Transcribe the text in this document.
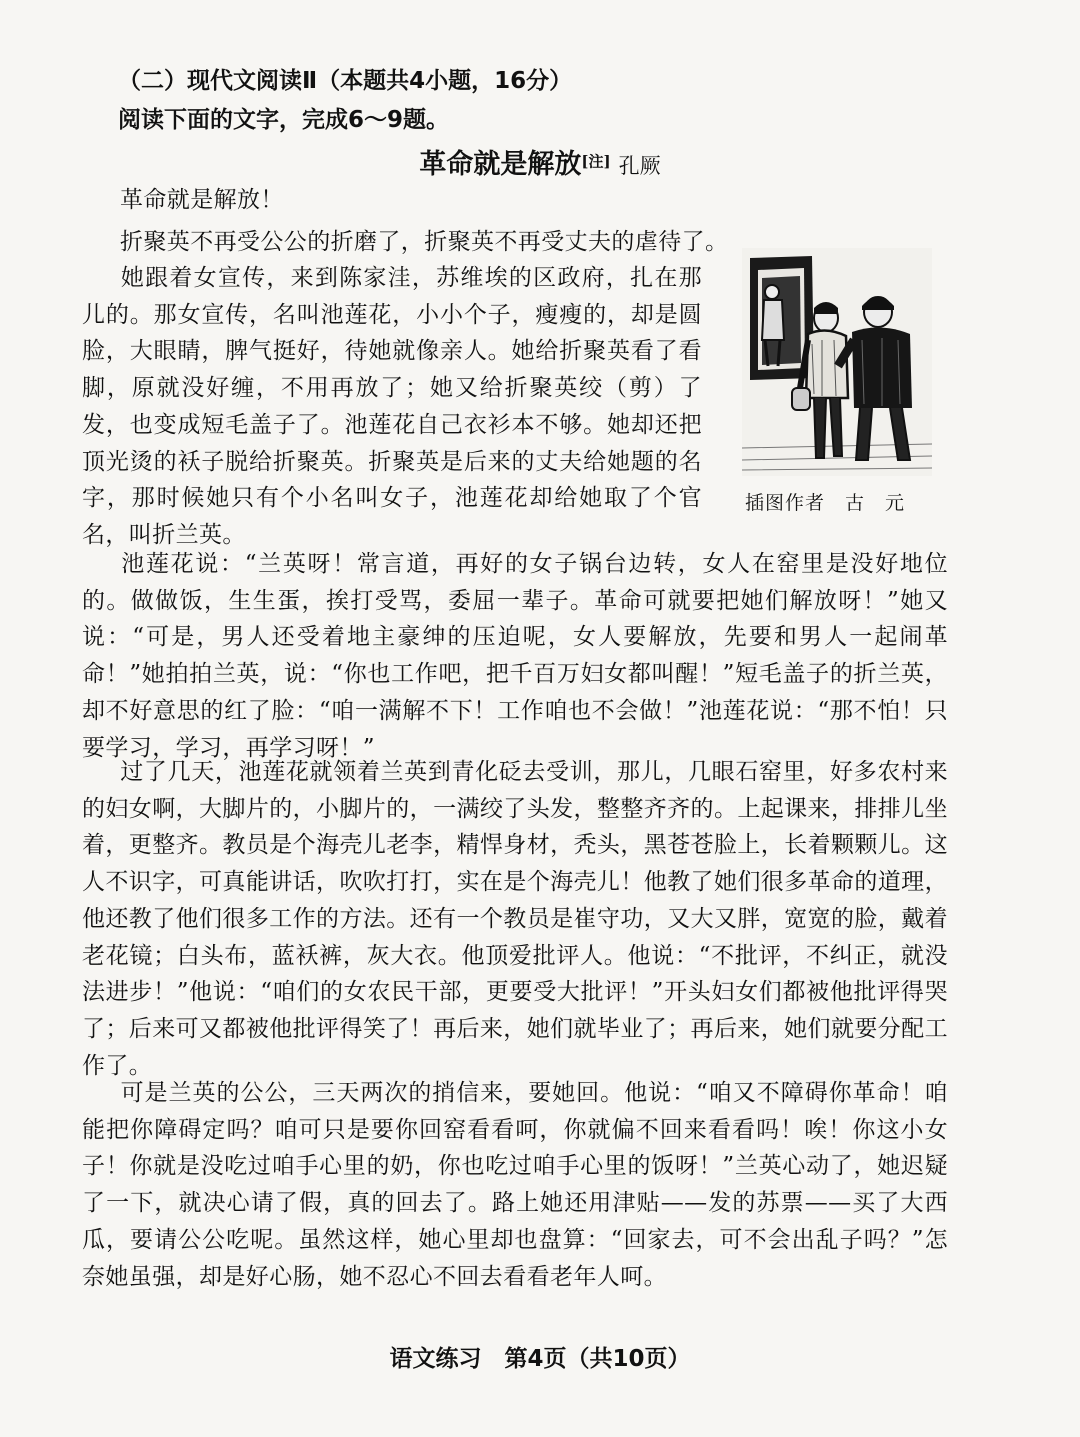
（二）现代文阅读Ⅱ（本题共4小题，16分）
阅读下面的文字，完成6～9题。
革命就是解放[注] 孔厥
革命就是解放！
折聚英不再受公公的折磨了，折聚英不再受丈夫的虐待了。
她跟着女宣传，来到陈家洼，苏维埃的区政府，扎在那儿的。那女宣传，名叫池莲花，小小个子，瘦瘦的，却是圆脸，大眼睛，脾气挺好，待她就像亲人。她给折聚英看了看脚，原就没好缠，不用再放了；她又给折聚英绞（剪）了发，也变成短毛盖子了。池莲花自己衣衫本不够。她却还把顶光烫的袄子脱给折聚英。折聚英是后来的丈夫给她题的名字，那时候她只有个小名叫女子，池莲花却给她取了个官名，叫折兰英。
插图作者　古　元
池莲花说：“兰英呀！常言道，再好的女子锅台边转，女人在窑里是没好地位的。做做饭，生生蛋，挨打受骂，委屈一辈子。革命可就要把她们解放呀！”她又说：“可是，男人还受着地主豪绅的压迫呢，女人要解放，先要和男人一起闹革命！”她拍拍兰英，说：“你也工作吧，把千百万妇女都叫醒！”短毛盖子的折兰英，却不好意思的红了脸：“咱一满解不下！工作咱也不会做！”池莲花说：“那不怕！只要学习，学习，再学习呀！”
过了几天，池莲花就领着兰英到青化砭去受训，那儿，几眼石窑里，好多农村来的妇女啊，大脚片的，小脚片的，一满绞了头发，整整齐齐的。上起课来，排排儿坐着，更整齐。教员是个海壳儿老李，精悍身材，秃头，黑苍苍脸上，长着颗颗儿。这人不识字，可真能讲话，吹吹打打，实在是个海壳儿！他教了她们很多革命的道理，他还教了他们很多工作的方法。还有一个教员是崔守功，又大又胖，宽宽的脸，戴着老花镜；白头布，蓝袄裤，灰大衣。他顶爱批评人。他说：“不批评，不纠正，就没法进步！”他说：“咱们的女农民干部，更要受大批评！”开头妇女们都被他批评得哭了；后来可又都被他批评得笑了！再后来，她们就毕业了；再后来，她们就要分配工作了。
可是兰英的公公，三天两次的捎信来，要她回。他说：“咱又不障碍你革命！咱能把你障碍定吗？咱可只是要你回窑看看呵，你就偏不回来看看吗！唉！你这小女子！你就是没吃过咱手心里的奶，你也吃过咱手心里的饭呀！”兰英心动了，她迟疑了一下，就决心请了假，真的回去了。路上她还用津贴——发的苏票——买了大西瓜，要请公公吃呢。虽然这样，她心里却也盘算：“回家去，可不会出乱子吗？”怎奈她虽强，却是好心肠，她不忍心不回去看看老年人呵。
语文练习　第4页（共10页）
